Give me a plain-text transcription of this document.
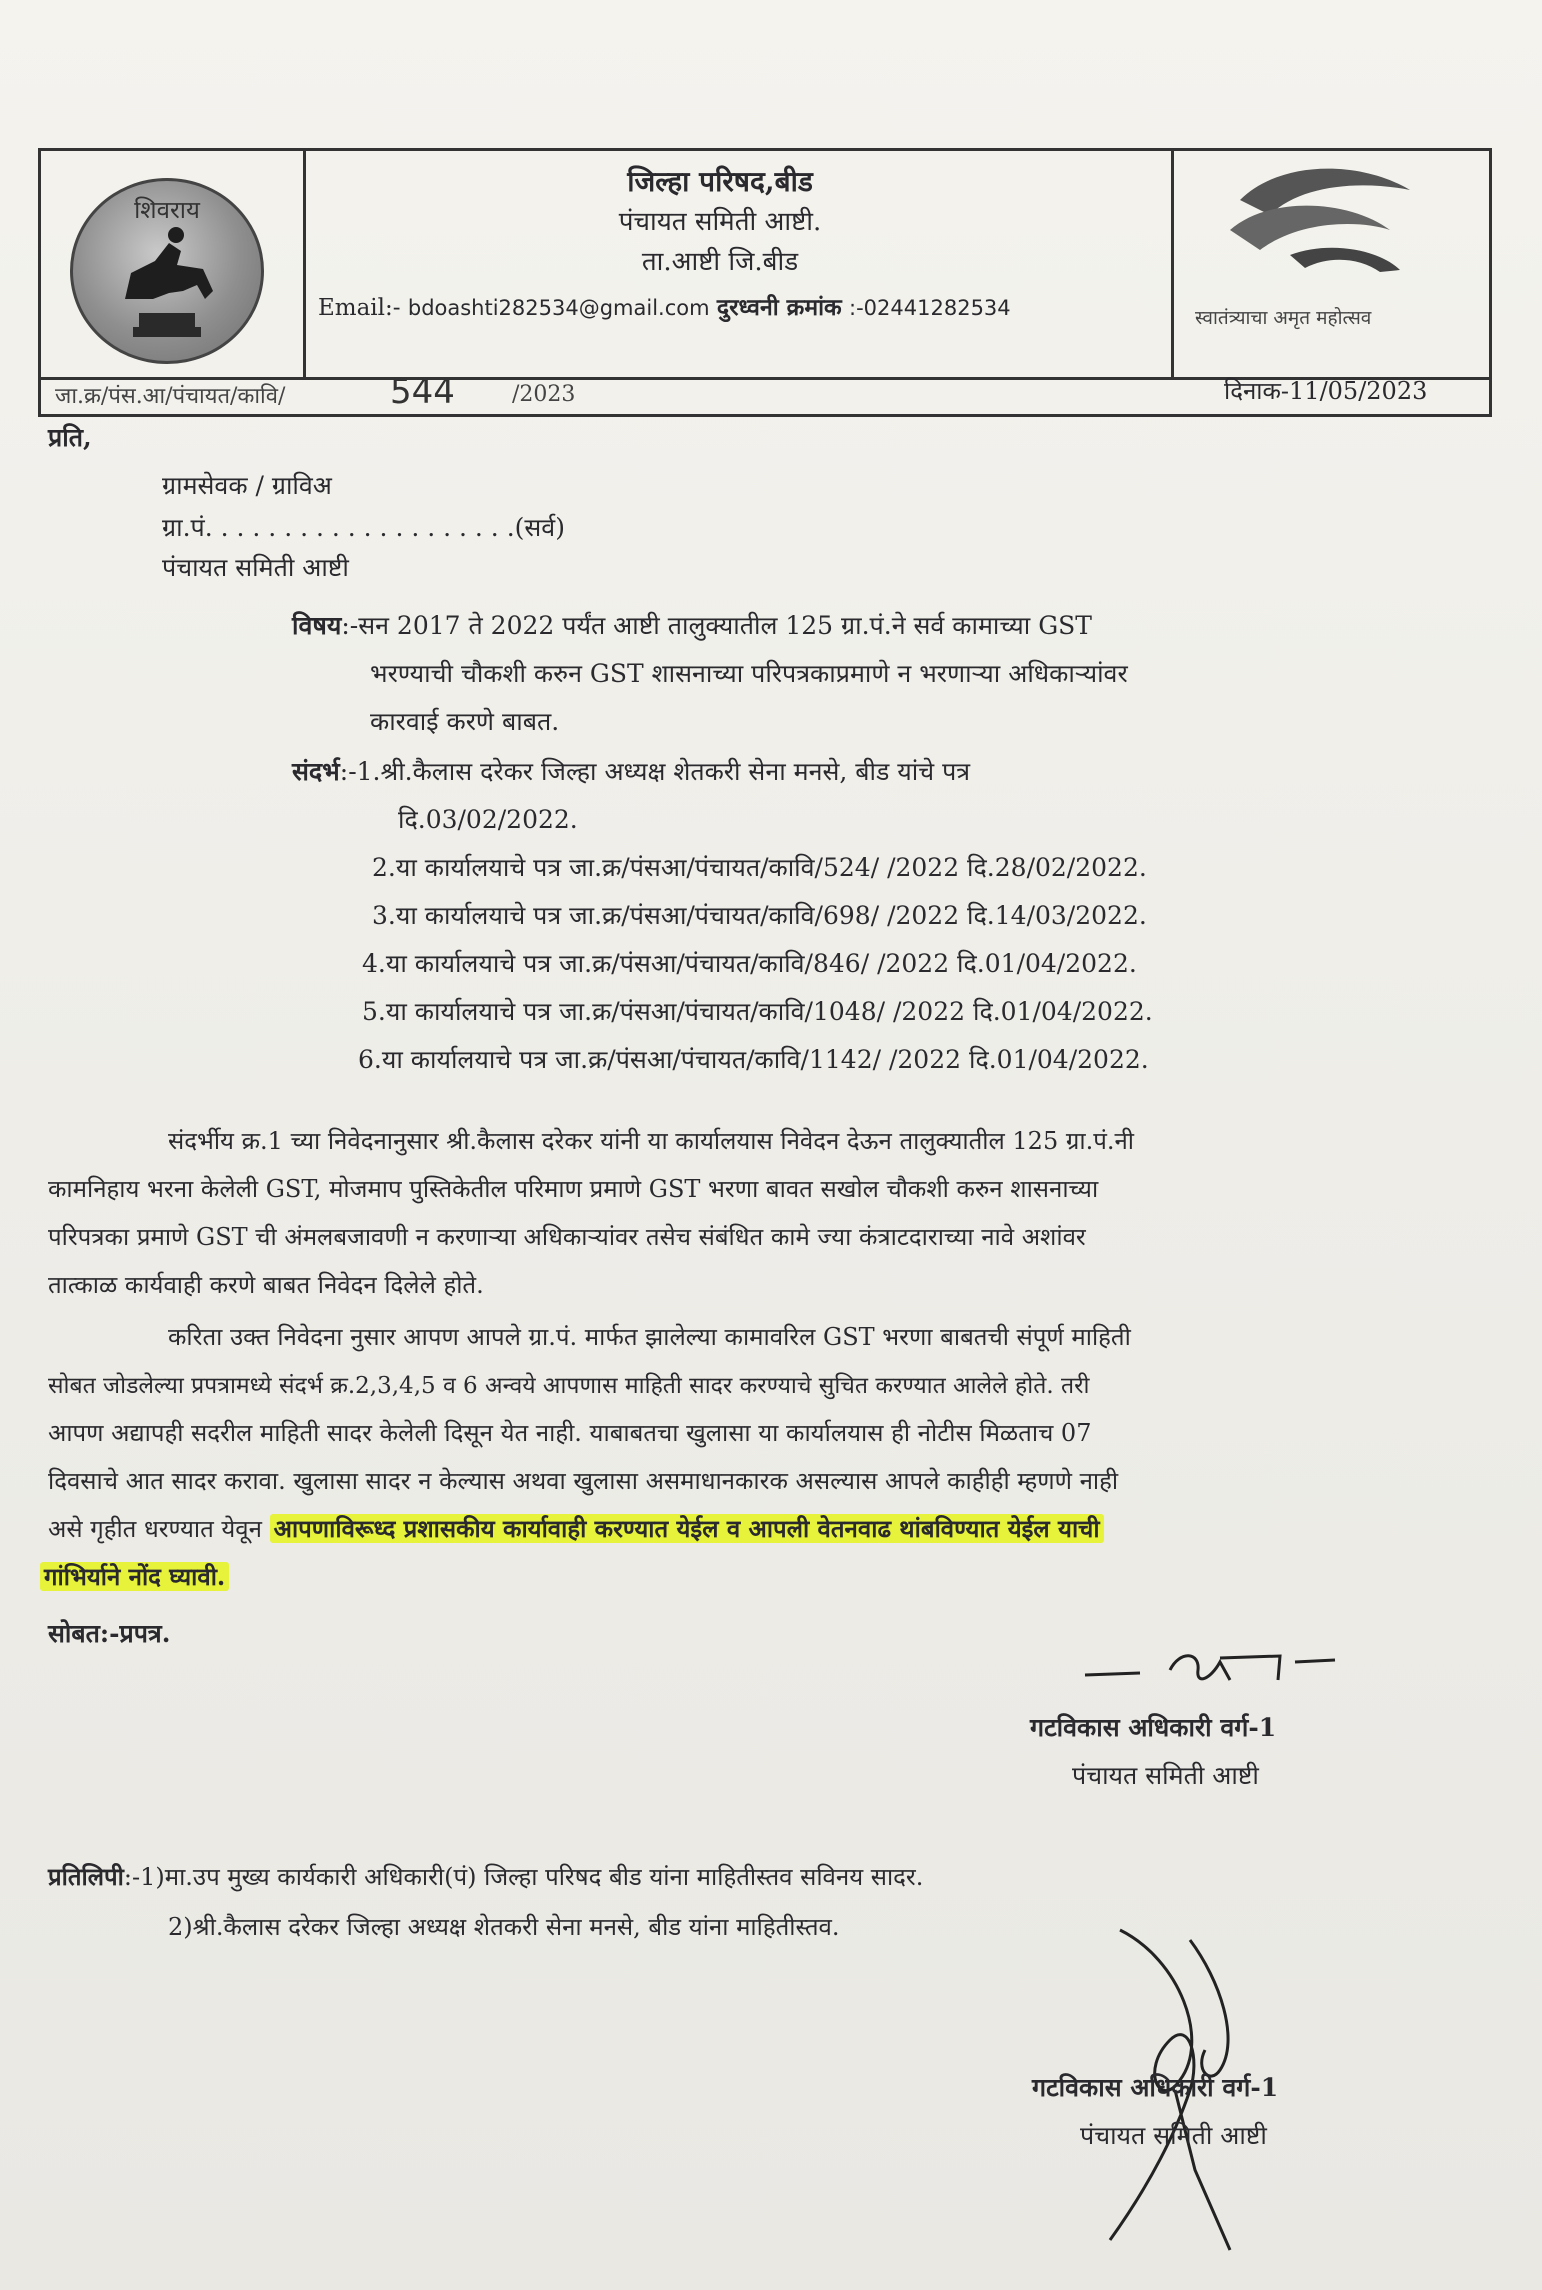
शिवराय
जिल्हा परिषद,बीड
पंचायत समिती आष्टी.
ता.आष्टी जि.बीड
Email:- bdoashti282534@gmail.com दुरध्वनी क्रमांक :-02441282534	स्वातंत्र्याचा अमृत महोत्सव
जा.क्र/पंस.आ/पंचायत/कावि/	544	/2023	दिनाक-11/05/2023
प्रति,
ग्रामसेवक / ग्राविअ
ग्रा.पं. . . . . . . . . . . . . . . . . . . .(सर्व)
पंचायत समिती आष्टी
विषय:-सन 2017 ते 2022 पर्यंत आष्टी तालुक्यातील 125 ग्रा.पं.ने सर्व कामाच्या GST
भरण्याची चौकशी करुन GST शासनाच्या परिपत्रकाप्रमाणे न भरणाऱ्या अधिकाऱ्यांवर
कारवाई करणे बाबत.
संदर्भ:-1.श्री.कैलास दरेकर जिल्हा अध्यक्ष शेतकरी सेना मनसे, बीड यांचे पत्र
दि.03/02/2022.
2.या कार्यालयाचे पत्र जा.क्र/पंसआ/पंचायत/कावि/524/ /2022 दि.28/02/2022.
3.या कार्यालयाचे पत्र जा.क्र/पंसआ/पंचायत/कावि/698/ /2022 दि.14/03/2022.
4.या कार्यालयाचे पत्र जा.क्र/पंसआ/पंचायत/कावि/846/ /2022 दि.01/04/2022.
5.या कार्यालयाचे पत्र जा.क्र/पंसआ/पंचायत/कावि/1048/ /2022 दि.01/04/2022.
6.या कार्यालयाचे पत्र जा.क्र/पंसआ/पंचायत/कावि/1142/ /2022 दि.01/04/2022.
संदर्भीय क्र.1 च्या निवेदनानुसार श्री.कैलास दरेकर यांनी या कार्यालयास निवेदन देऊन तालुक्यातील 125 ग्रा.पं.नी
कामनिहाय भरना केलेली GST, मोजमाप पुस्तिकेतील परिमाण प्रमाणे GST भरणा बावत सखोल चौकशी करुन शासनाच्या
परिपत्रका प्रमाणे GST ची अंमलबजावणी न करणाऱ्या अधिकाऱ्यांवर तसेच संबंधित कामे ज्या कंत्राटदाराच्या नावे अशांवर
तात्काळ कार्यवाही करणे बाबत निवेदन दिलेले होते.
करिता उक्त निवेदना नुसार आपण आपले ग्रा.पं. मार्फत झालेल्या कामावरिल GST भरणा बाबतची संपूर्ण माहिती
सोबत जोडलेल्या प्रपत्रामध्ये संदर्भ क्र.2,3,4,5 व 6 अन्वये आपणास माहिती सादर करण्याचे सुचित करण्यात आलेले होते. तरी
आपण अद्यापही सदरील माहिती सादर केलेली दिसून येत नाही. याबाबतचा खुलासा या कार्यालयास ही नोटीस मिळताच 07
दिवसाचे आत सादर करावा. खुलासा सादर न केल्यास अथवा खुलासा असमाधानकारक असल्यास आपले काहीही म्हणणे नाही
असे गृहीत धरण्यात येवून आपणाविरूध्द प्रशासकीय कार्यावाही करण्यात येईल व आपली वेतनवाढ थांबविण्यात येईल याची
गांभिर्याने नोंद घ्यावी.
सोबत:-प्रपत्र.
गटविकास अधिकारी वर्ग-1
पंचायत समिती आष्टी
प्रतिलिपी:-1)मा.उप मुख्य कार्यकारी अधिकारी(पं) जिल्हा परिषद बीड यांना माहितीस्तव सविनय सादर.
2)श्री.कैलास दरेकर जिल्हा अध्यक्ष शेतकरी सेना मनसे, बीड यांना माहितीस्तव.
गटविकास अधिकारी वर्ग-1
पंचायत समिती आष्टी
